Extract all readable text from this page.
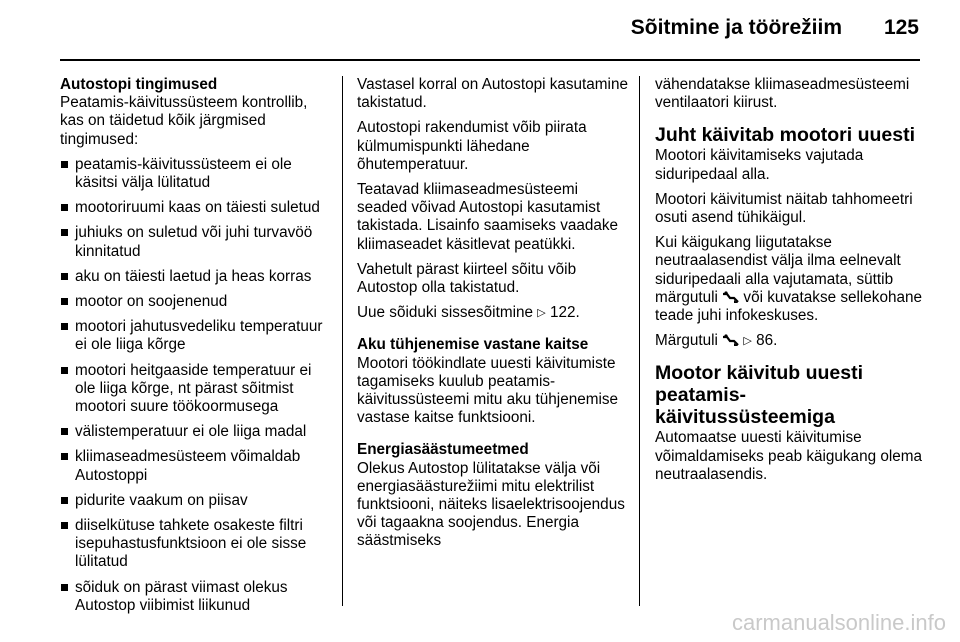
Sõitmine ja töörežiim 125
Autostopi tingimused
Peatamis-käivitussüsteem kontrollib, kas on täidetud kõik järgmised tingimused:
peatamis-käivitussüsteem ei ole käsitsi välja lülitatud
mootoriruumi kaas on täiesti suletud
juhiuks on suletud või juhi turvavöö kinnitatud
aku on täiesti laetud ja heas korras
mootor on soojenenud
mootori jahutusvedeliku temperatuur ei ole liiga kõrge
mootori heitgaaside temperatuur ei ole liiga kõrge, nt pärast sõitmist mootori suure töökoormusega
välistemperatuur ei ole liiga madal
kliimaseadmesüsteem võimaldab Autostoppi
pidurite vaakum on piisav
diiselkütuse tahkete osakeste filtri isepuhastusfunktsioon ei ole sisse lülitatud
sõiduk on pärast viimast olekus Autostop viibimist liikunud

Vastasel korral on Autostopi kasutamine takistatud.

Autostopi rakendumist võib piirata külmumispunkti lähedane õhutemperatuur.

Teatavad kliimaseadmesüsteemi seaded võivad Autostopi kasutamist takistada. Lisainfo saamiseks vaadake kliimaseadet käsitlevat peatükki.

Vahetult pärast kiirteel sõitu võib Autostop olla takistatud.

Uue sõiduki sissesõitmine ▷ 122.

Aku tühjenemise vastane kaitse

Mootori töökindlate uuesti käivitumiste tagamiseks kuulub peatamis-käivitussüsteemi mitu aku tühjenemise vastase kaitse funktsiooni.

Energiasäästumeetmed

Olekus Autostop lülitatakse välja või energiasäästurežiimi mitu elektrilist funktsiooni, näiteks lisaelektrisoojendus või tagaakna soojendus. Energia säästmiseks

vähendatakse kliimaseadmesüsteemi ventilaatori kiirust.

Juht käivitab mootori uuesti

Mootori käivitamiseks vajutada siduripedaal alla.

Mootori käivitumist näitab tahhomeetri osuti asend tühikäigul.

Kui käigukang liigutatakse neutraalasendist välja ilma eelnevalt siduripedaali alla vajutamata, süttib märgutuli või kuvatakse sellekohane teade juhi infokeskuses.

Märgutuli ▷ 86.

Mootor käivitub uuesti peatamis-käivitussüsteemiga

Automaatse uuesti käivitumise võimaldamiseks peab käigukang olema neutraalasendis.

carmanualsonline.info
